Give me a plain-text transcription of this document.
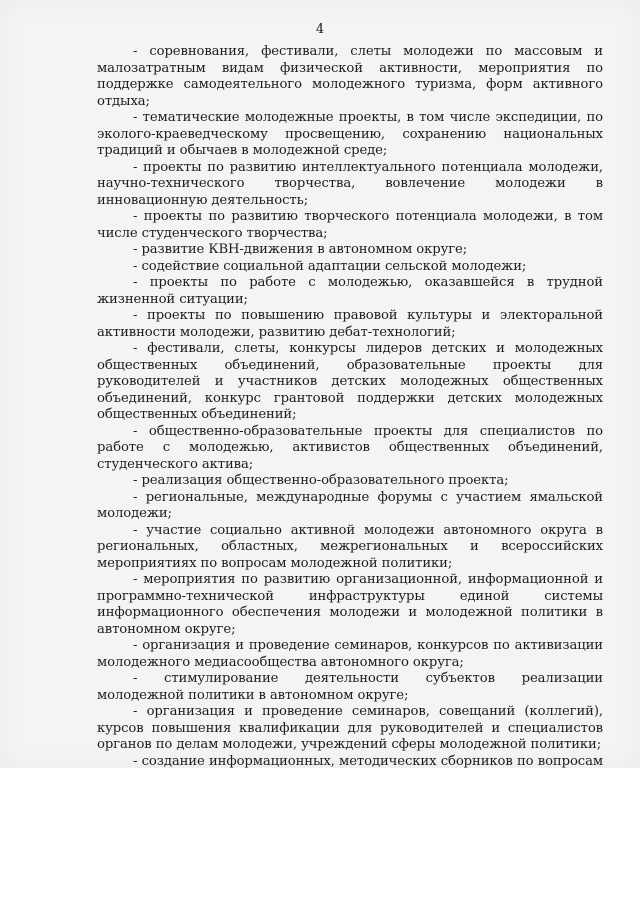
4

- соревнования, фестивали, слеты молодежи по массовым и малозатратным видам физической активности, мероприятия по поддержке самодеятельного молодежного туризма, форм активного отдыха;

- тематические молодежные проекты, в том числе экспедиции, по эколого-краеведческому просвещению, сохранению национальных традиций и обычаев в молодежной среде;

- проекты по развитию интеллектуального потенциала молодежи, научно-технического творчества, вовлечение молодежи в инновационную деятельность;

- проекты по развитию творческого потенциала молодежи, в том числе студенческого творчества;

- развитие КВН-движения в автономном округе;

- содействие социальной адаптации сельской молодежи;

- проекты по работе с молодежью, оказавшейся в трудной жизненной ситуации;

- проекты по повышению правовой культуры и электоральной активности молодежи, развитию дебат-технологий;

- фестивали, слеты, конкурсы лидеров детских и молодежных общественных объединений, образовательные проекты для руководителей и участников детских молодежных общественных объединений, конкурс грантовой поддержки детских молодежных общественных объединений;

- общественно-образовательные проекты для специалистов по работе с молодежью, активистов общественных объединений, студенческого актива;

- реализация общественно-образовательного проекта;

- региональные, международные форумы с участием ямальской молодежи;

- участие социально активной молодежи автономного округа в региональных, областных, межрегиональных и всероссийских мероприятиях по вопросам молодежной политики;

- мероприятия по развитию организационной, информационной и программно-технической инфраструктуры единой системы информационного обеспечения молодежи и молодежной политики в автономном округе;

- организация и проведение семинаров, конкурсов по активизации молодежного медиасообщества автономного округа;

- стимулирование деятельности субъектов реализации молодежной политики в автономном округе;

- организация и проведение семинаров, совещаний (коллегий), курсов повышения квалификации для руководителей и специалистов органов по делам молодежи, учреждений сферы молодежной политики;

- создание информационных, методических сборников по вопросам
